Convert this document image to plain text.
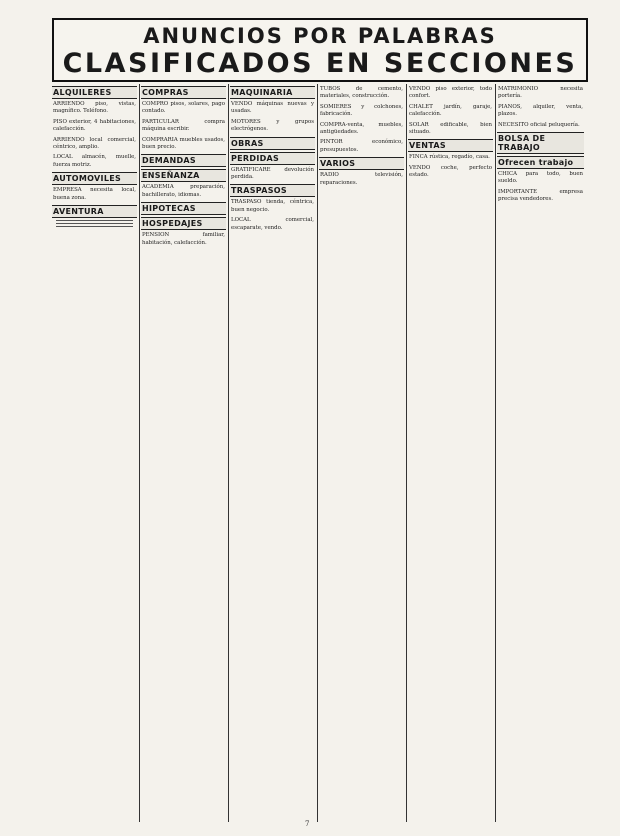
ANUNCIOS POR PALABRAS
CLASIFICADOS EN SECCIONES
ALQUILERES
ARRIENDO piso, vistas, magnífico. Teléfono.
PISO exterior, 4 habitaciones, calefacción.
ARRIENDO local comercial, céntrico, amplio.
LOCAL almacén, muelle, fuerza motriz.
AUTOMOVILES
EMPRESA necesita local, buena zona.
AVENTURA
COMPRAS
COMPRO pisos, solares, pago contado.
PARTICULAR compra máquina escribir.
COMPRARIA muebles usados, buen precio.
DEMANDAS
ENSEÑANZA
ACADEMIA preparación, bachillerato, idiomas.
HIPOTECAS
HOSPEDAJES
PENSION familiar, habitación, calefacción.
MAQUINARIA
VENDO máquinas nuevas y usadas.
MOTORES y grupos electrógenos.
OBRAS
PERDIDAS
GRATIFICARE devolución perdida.
TRASPASOS
TRASPASO tienda, céntrica, buen negocio.
LOCAL comercial, escaparate, vendo.
TUBOS de cemento, materiales, construcción.
SOMIERES y colchones, fabricación.
COMPRA-venta, muebles, antigüedades.
PINTOR económico, presupuestos.
VARIOS
RADIO televisión, reparaciones.
VENDO piso exterior, todo confort.
CHALET jardín, garaje, calefacción.
SOLAR edificable, bien situado.
VENTAS
FINCA rústica, regadío, casa.
VENDO coche, perfecto estado.
MATRIMONIO necesita portería.
PIANOS, alquiler, venta, plazos.
NECESITO oficial peluquería.
BOLSA DE TRABAJO
Ofrecen trabajo
CHICA para todo, buen sueldo.
IMPORTANTE empresa precisa vendedores.
7
